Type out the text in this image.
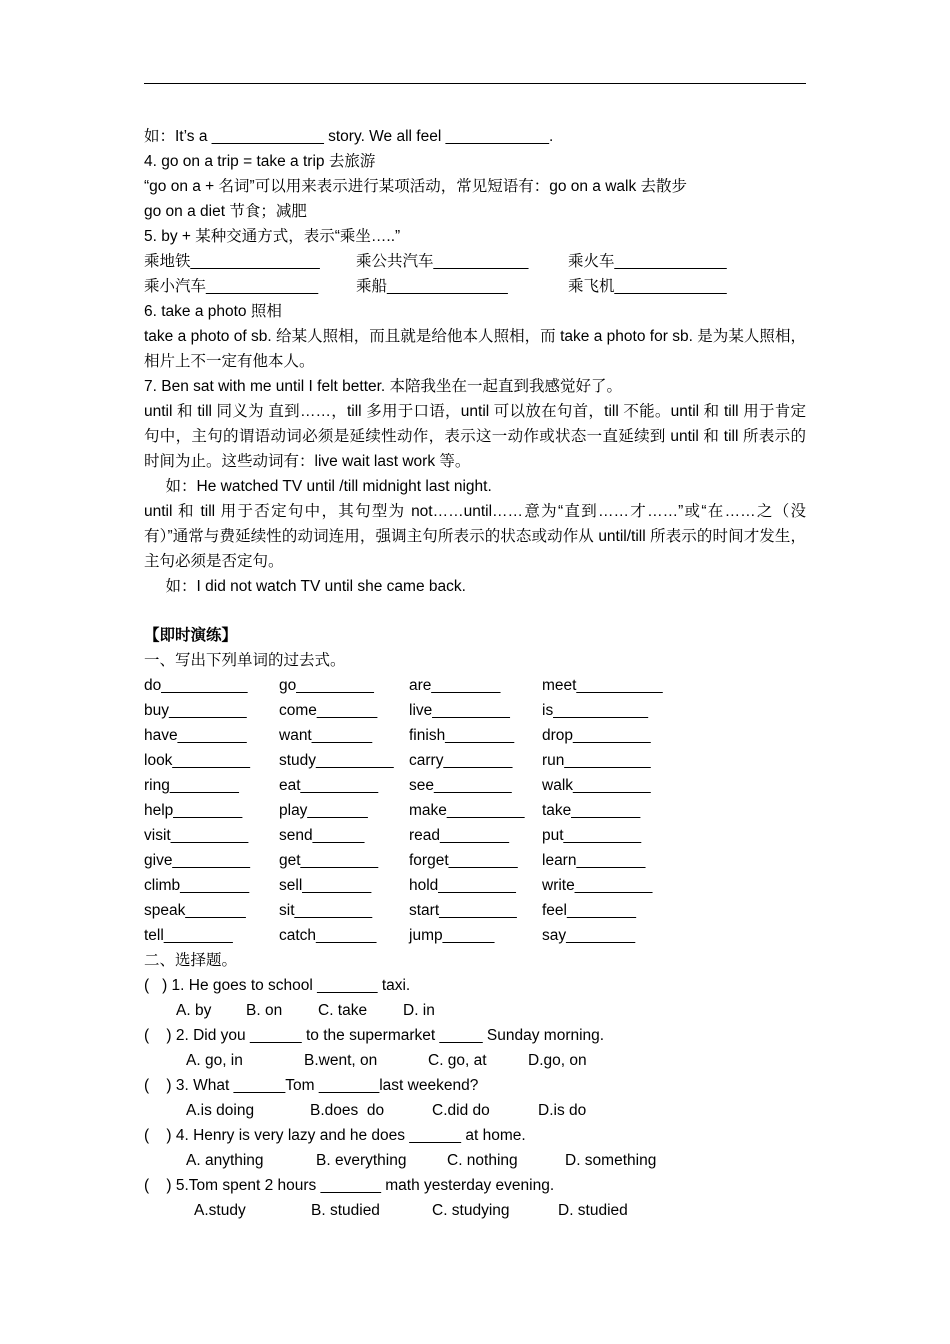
如：It’s a _____________ story. We all feel ____________.
4. go on a trip = take a trip 去旅游
“go on a + 名词”可以用来表示进行某项活动，常见短语有：go on a walk 去散步
go on a diet 节食；减肥
5. by + 某种交通方式，表示“乘坐…..”
乘地铁_______________	乘公共汽车___________	乘火车_____________
乘小汽车_____________	乘船______________	乘飞机_____________
6. take a photo 照相
take a photo of sb. 给某人照相，而且就是给他本人照相，而 take a photo for sb. 是为某人照相，相片上不一定有他本人。
7. Ben sat with me until I felt better. 本陪我坐在一起直到我感觉好了。
until 和 till 同义为 直到……，till 多用于口语，until 可以放在句首，till 不能。until 和 till 用于肯定句中，主句的谓语动词必须是延续性动作，表示这一动作或状态一直延续到 until 和 till 所表示的时间为止。这些动词有：live wait last work 等。
如：He watched TV until /till midnight last night.
until 和 till 用于否定句中，其句型为 not……until……意为“直到……才……”或“在……之（没有）”通常与费延续性的动词连用，强调主句所表示的状态或动作从 until/till 所表示的时间才发生，主句必须是否定句。
如：I did not watch TV until she came back.
【即时演练】
一、写出下列单词的过去式。
do__________	go_________	are________	meet__________
buy_________	come_______	live_________	is___________
have________	want_______	finish________	drop_________
look_________	study_________ carry________	run__________
ring________	eat_________	see_________	walk_________
help________	play_______	make_________	take________
visit_________	send______	read________	put_________
give_________	get_________	forget________	learn________
climb________	sell________	hold_________	write_________
speak_______	sit_________	start_________	feel________
tell________	catch_______	jump______	say________
二、选择题。
(   ) 1. He goes to school _______ taxi.
A. by	B. on	C. take	D. in
(    ) 2. Did you ______ to the supermarket _____ Sunday morning.
A. go, in	B.went, on	C. go, at	D.go, on
(    ) 3. What ______Tom _______last weekend?
A.is doing	B.does  do	C.did do	D.is do
(    ) 4. Henry is very lazy and he does ______ at home.
A. anything	B. everything	C. nothing	D. something
(    ) 5.Tom spent 2 hours _______ math yesterday evening.
A.study	B. studied	C. studying	D. studied
